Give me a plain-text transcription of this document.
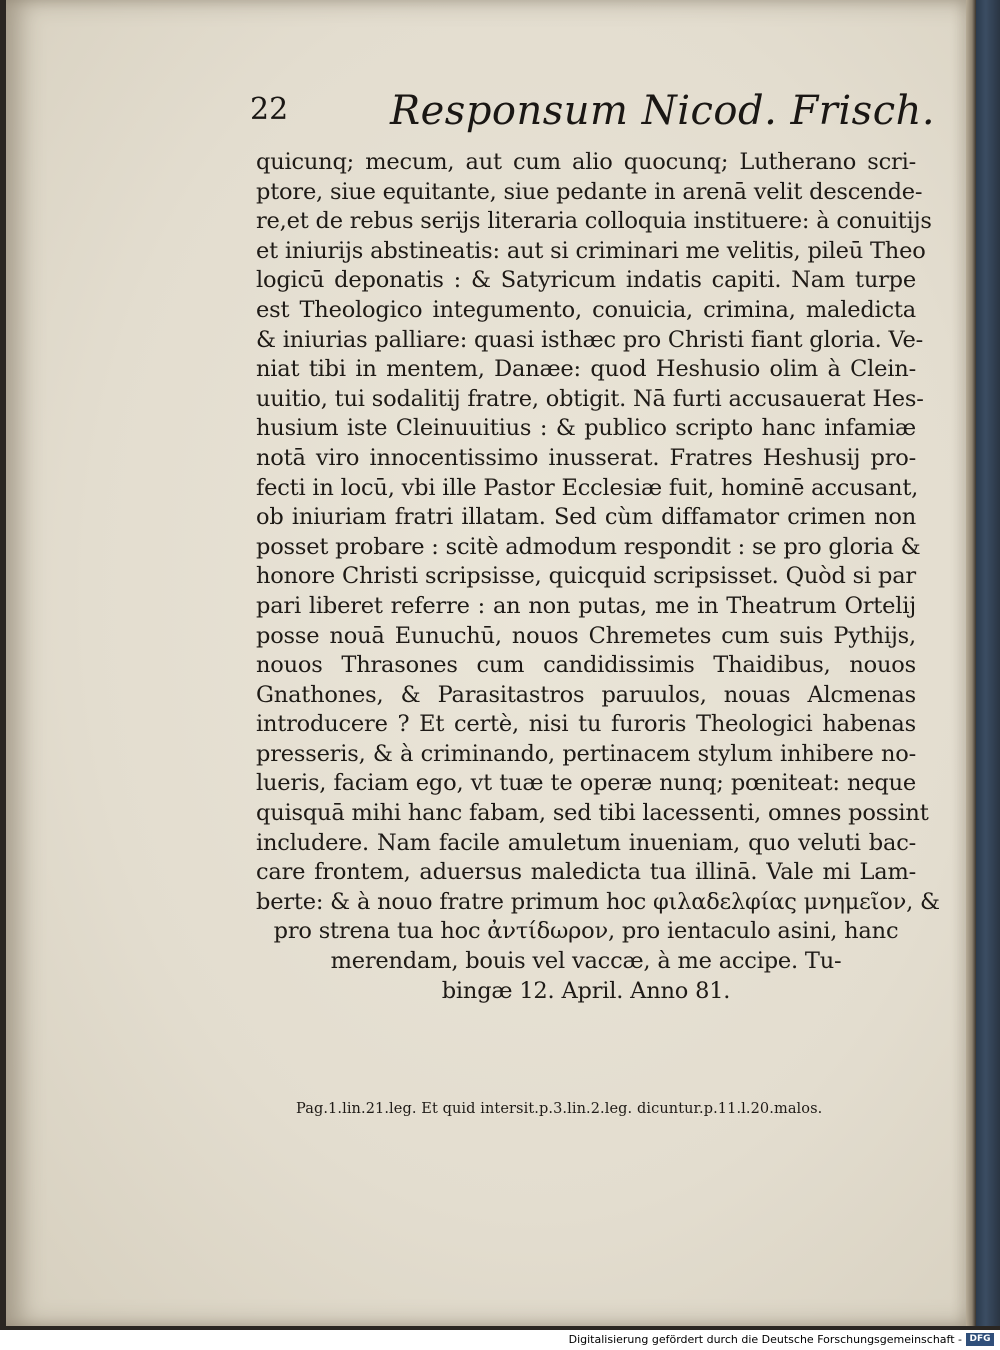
22	Responsum Nicod. Frisch.
quicunq; mecum, aut cum alio quocunq; Lutherano scri-
ptore, siue equitante, siue pedante in arenā velit descende-
re,et de rebus serijs literaria colloquia instituere: à conuitijs
et iniurijs abstineatis: aut si criminari me velitis, pileū Theo
logicū deponatis : & Satyricum indatis capiti. Nam turpe
est Theologico integumento, conuicia, crimina, maledicta
& iniurias palliare: quasi isthæc pro Christi fiant gloria. Ve-
niat tibi in mentem, Danæe: quod Heshusio olim à Clein-
uuitio, tui sodalitij fratre, obtigit. Nā furti accusauerat Hes-
husium iste Cleinuuitius : & publico scripto hanc infamiæ
notā viro innocentissimo inusserat. Fratres Heshusij pro-
fecti in locū, vbi ille Pastor Ecclesiæ fuit, hominē accusant,
ob iniuriam fratri illatam. Sed cùm diffamator crimen non
posset probare : scitè admodum respondit : se pro gloria &
honore Christi scripsisse, quicquid scripsisset. Quòd si par
pari liberet referre : an non putas, me in Theatrum Ortelij
posse nouā Eunuchū, nouos Chremetes cum suis Pythijs,
nouos Thrasones cum candidissimis Thaidibus, nouos
Gnathones, & Parasitastros paruulos, nouas Alcmenas
introducere ? Et certè, nisi tu furoris Theologici habenas
presseris, & à criminando, pertinacem stylum inhibere no-
lueris, faciam ego, vt tuæ te operæ nunq; pœniteat: neque
quisquā mihi hanc fabam, sed tibi lacessenti, omnes possint
includere. Nam facile amuletum inueniam, quo veluti bac-
care frontem, aduersus maledicta tua illinā. Vale mi Lam-
berte: & à nouo fratre primum hoc φιλαδελφίας μνημεῖον, &
pro strena tua hoc ἀντίδωρον, pro ientaculo asini, hanc
merendam, bouis vel vaccæ, à me accipe. Tu-
bingæ 12. April. Anno 81.
Pag.1.lin.21.leg. Et quid intersit.p.3.lin.2.leg. dicuntur.p.11.l.20.malos.
Digitalisierung gefördert durch die Deutsche Forschungsgemeinschaft - DFG
